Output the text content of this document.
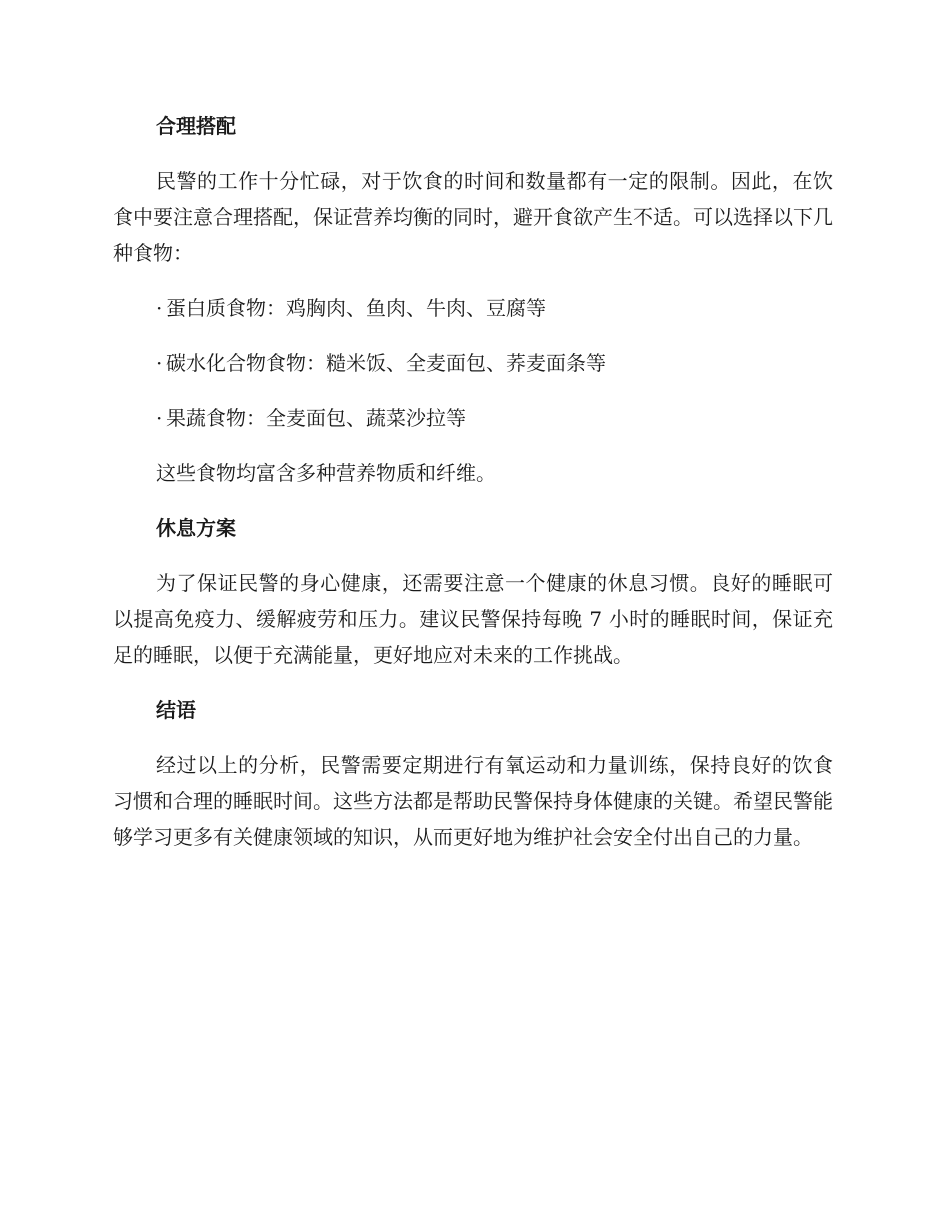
合理搭配

民警的工作十分忙碌，对于饮食的时间和数量都有一定的限制。因此，在饮食中要注意合理搭配，保证营养均衡的同时，避开食欲产生不适。可以选择以下几种食物：

· 蛋白质食物：鸡胸肉、鱼肉、牛肉、豆腐等
· 碳水化合物食物：糙米饭、全麦面包、荞麦面条等
· 果蔬食物：全麦面包、蔬菜沙拉等

这些食物均富含多种营养物质和纤维。

休息方案

为了保证民警的身心健康，还需要注意一个健康的休息习惯。良好的睡眠可以提高免疫力、缓解疲劳和压力。建议民警保持每晚 7 小时的睡眠时间，保证充足的睡眠，以便于充满能量，更好地应对未来的工作挑战。

结语

经过以上的分析，民警需要定期进行有氧运动和力量训练，保持良好的饮食习惯和合理的睡眠时间。这些方法都是帮助民警保持身体健康的关键。希望民警能够学习更多有关健康领域的知识，从而更好地为维护社会安全付出自己的力量。
